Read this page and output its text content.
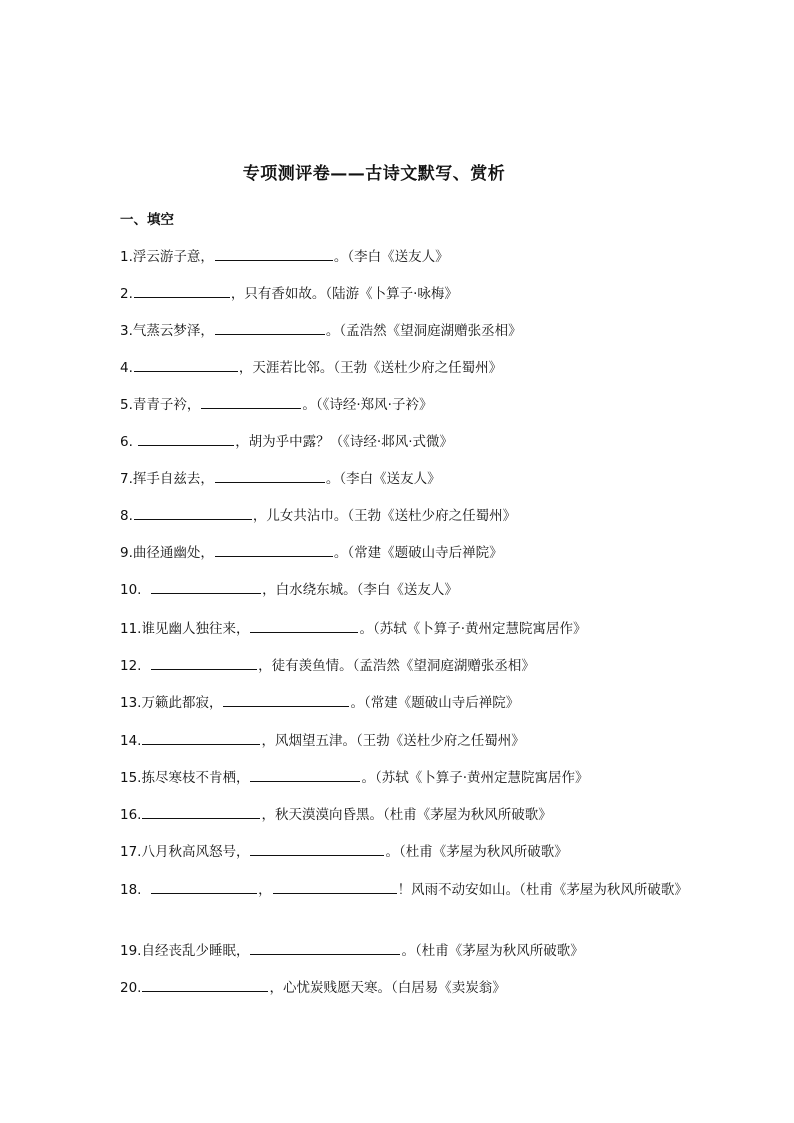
专项测评卷——古诗文默写、赏析
一、填空
1.浮云游子意，	。（李白《送友人》
2.	，只有香如故。（陆游《卜算子·咏梅》
3.气蒸云梦泽，	。（孟浩然《望洞庭湖赠张丞相》
4.	，天涯若比邻。（王勃《送杜少府之任蜀州》
5.青青子衿，	。（《诗经·郑风·子衿》
6.	，胡为乎中露？（《诗经·邶风·式微》
7.挥手自兹去，	。（李白《送友人》
8.	，儿女共沾巾。（王勃《送杜少府之任蜀州》
9.曲径通幽处，	。（常建《题破山寺后禅院》
10.	，白水绕东城。（李白《送友人》
11.谁见幽人独往来，	。（苏轼《卜算子·黄州定慧院寓居作》
12.	，徒有羡鱼情。（孟浩然《望洞庭湖赠张丞相》
13.万籁此都寂，	。（常建《题破山寺后禅院》
14.	，风烟望五津。（王勃《送杜少府之任蜀州》
15.拣尽寒枝不肯栖，	。（苏轼《卜算子·黄州定慧院寓居作》
16.	，秋天漠漠向昏黑。（杜甫《茅屋为秋风所破歌》
17.八月秋高风怒号，	。（杜甫《茅屋为秋风所破歌》
18.	，	！风雨不动安如山。（杜甫《茅屋为秋风所破歌》
19.自经丧乱少睡眠，	。（杜甫《茅屋为秋风所破歌》
20.	，心忧炭贱愿天寒。（白居易《卖炭翁》
